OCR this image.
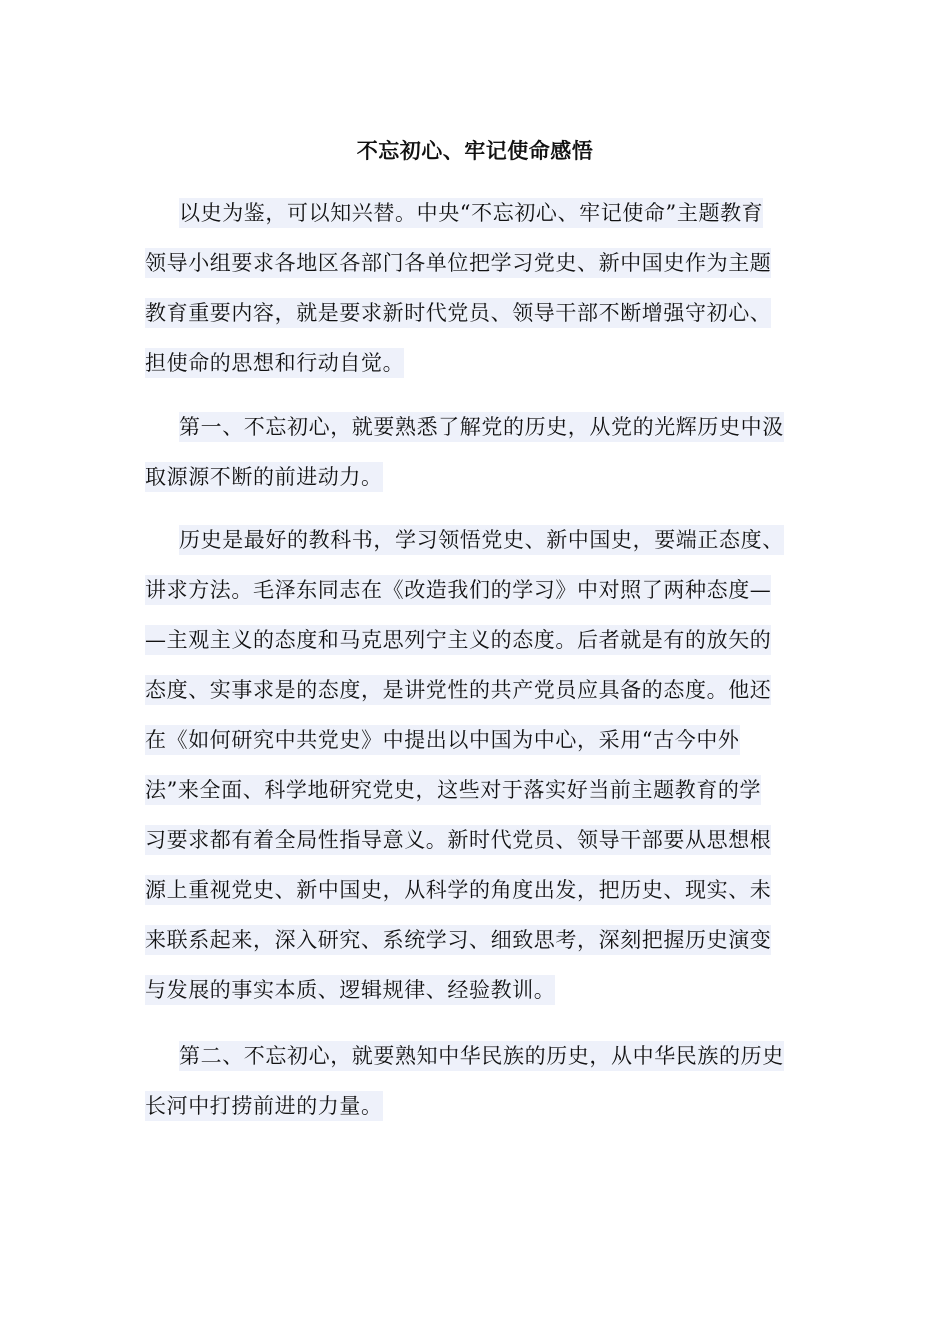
不忘初心、牢记使命感悟
以史为鉴，可以知兴替。中央“不忘初心、牢记使命”主题教育
领导小组要求各地区各部门各单位把学习党史、新中国史作为主题
教育重要内容，就是要求新时代党员、领导干部不断增强守初心、
担使命的思想和行动自觉。
第一、不忘初心，就要熟悉了解党的历史，从党的光辉历史中汲
取源源不断的前进动力。
历史是最好的教科书，学习领悟党史、新中国史，要端正态度、
讲求方法。毛泽东同志在《改造我们的学习》中对照了两种态度—
—主观主义的态度和马克思列宁主义的态度。后者就是有的放矢的
态度、实事求是的态度，是讲党性的共产党员应具备的态度。他还
在《如何研究中共党史》中提出以中国为中心，采用“古今中外
法”来全面、科学地研究党史，这些对于落实好当前主题教育的学
习要求都有着全局性指导意义。新时代党员、领导干部要从思想根
源上重视党史、新中国史，从科学的角度出发，把历史、现实、未
来联系起来，深入研究、系统学习、细致思考，深刻把握历史演变
与发展的事实本质、逻辑规律、经验教训。
第二、不忘初心，就要熟知中华民族的历史，从中华民族的历史
长河中打捞前进的力量。
